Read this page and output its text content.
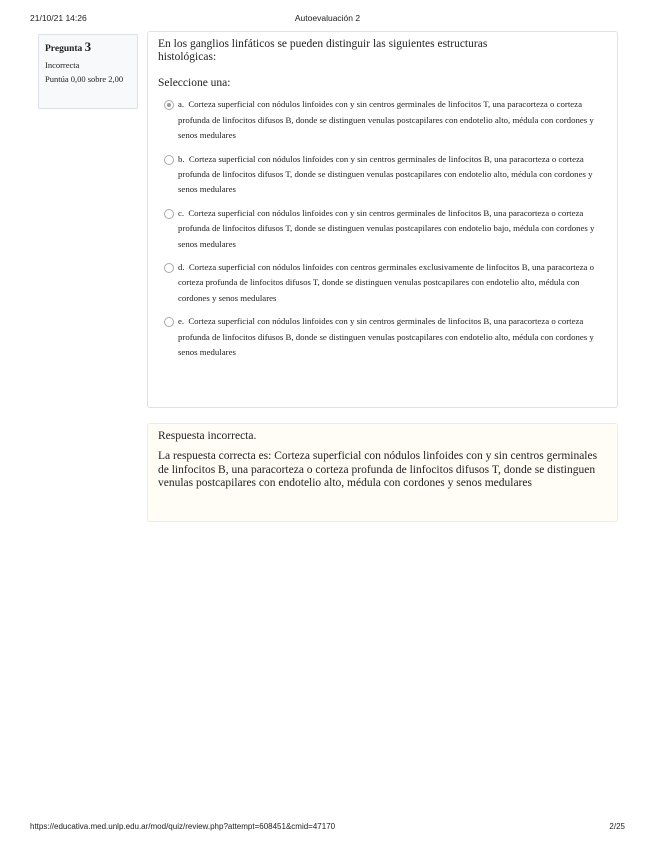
21/10/21 14:26	Autoevaluación 2
Pregunta 3
Incorrecta
Puntúa 0,00 sobre 2,00
En los ganglios linfáticos se pueden distinguir las siguientes estructuras histológicas:
Seleccione una:
a. Corteza superficial con nódulos linfoides con y sin centros germinales de linfocitos T, una paracorteza o corteza profunda de linfocitos difusos B, donde se distinguen venulas postcapilares con endotelio alto, médula con cordones y senos medulares
b. Corteza superficial con nódulos linfoides con y sin centros germinales de linfocitos B, una paracorteza o corteza profunda de linfocitos difusos T, donde se distinguen venulas postcapilares con endotelio alto, médula con cordones y senos medulares
c. Corteza superficial con nódulos linfoides con y sin centros germinales de linfocitos B, una paracorteza o corteza profunda de linfocitos difusos T, donde se distinguen venulas postcapilares con endotelio bajo, médula con cordones y senos medulares
d. Corteza superficial con nódulos linfoides con centros germinales exclusivamente de linfocitos B, una paracorteza o corteza profunda de linfocitos difusos T, donde se distinguen venulas postcapilares con endotelio alto, médula con cordones y senos medulares
e. Corteza superficial con nódulos linfoides con y sin centros germinales de linfocitos B, una paracorteza o corteza profunda de linfocitos difusos B, donde se distinguen venulas postcapilares con endotelio alto, médula con cordones y senos medulares
Respuesta incorrecta.
La respuesta correcta es: Corteza superficial con nódulos linfoides con y sin centros germinales de linfocitos B, una paracorteza o corteza profunda de linfocitos difusos T, donde se distinguen venulas postcapilares con endotelio alto, médula con cordones y senos medulares
https://educativa.med.unlp.edu.ar/mod/quiz/review.php?attempt=608451&cmid=47170	2/25
